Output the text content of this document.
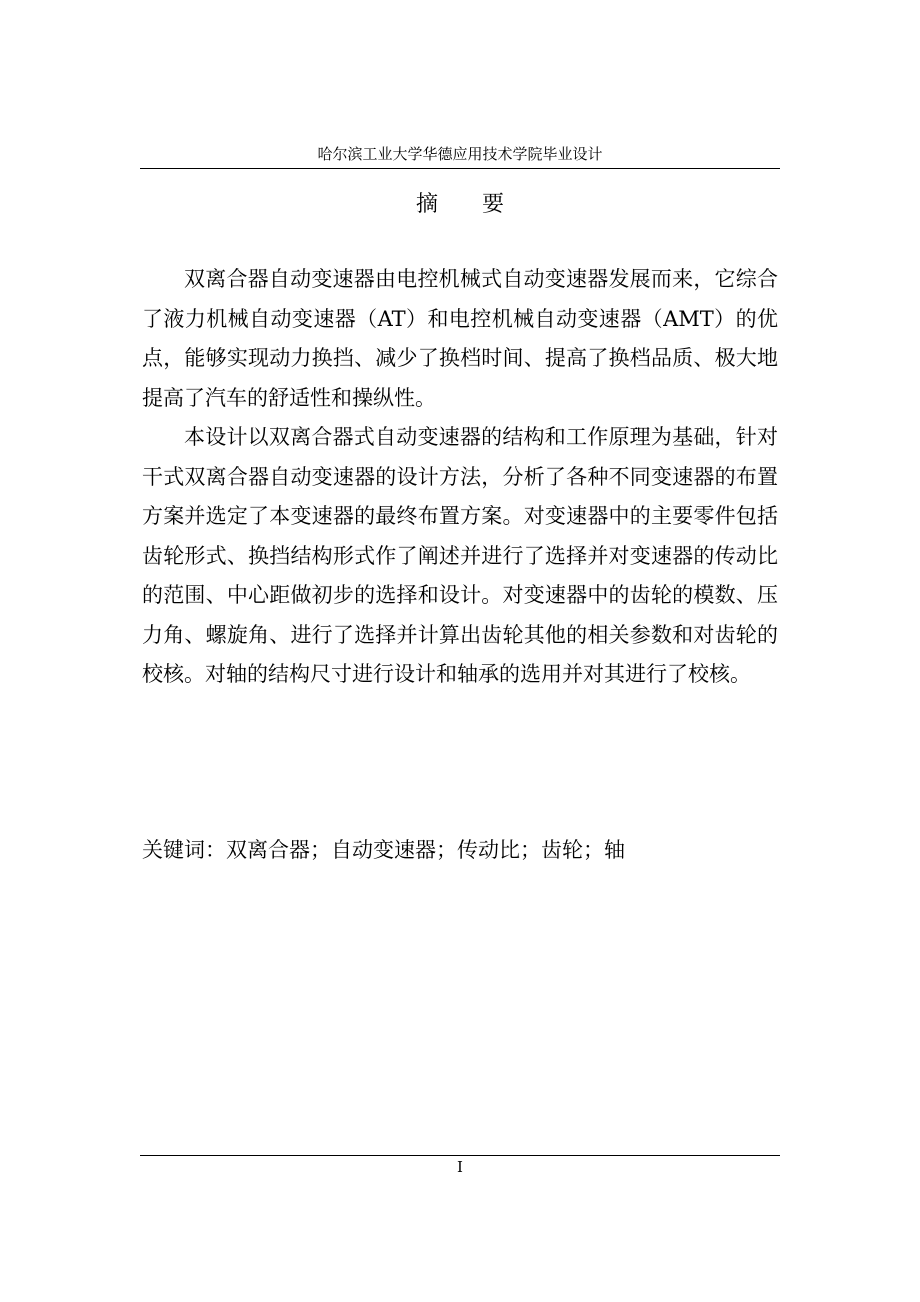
哈尔滨工业大学华德应用技术学院毕业设计
摘要

双离合器自动变速器由电控机械式自动变速器发展而来，它综合了液力机械自动变速器（AT）和电控机械自动变速器（AMT）的优点，能够实现动力换挡、减少了换档时间、提高了换档品质、极大地提高了汽车的舒适性和操纵性。

本设计以双离合器式自动变速器的结构和工作原理为基础，针对干式双离合器自动变速器的设计方法，分析了各种不同变速器的布置方案并选定了本变速器的最终布置方案。对变速器中的主要零件包括齿轮形式、换挡结构形式作了阐述并进行了选择并对变速器的传动比的范围、中心距做初步的选择和设计。对变速器中的齿轮的模数、压力角、螺旋角、进行了选择并计算出齿轮其他的相关参数和对齿轮的校核。对轴的结构尺寸进行设计和轴承的选用并对其进行了校核。

关键词：双离合器；自动变速器；传动比；齿轮；轴
I
